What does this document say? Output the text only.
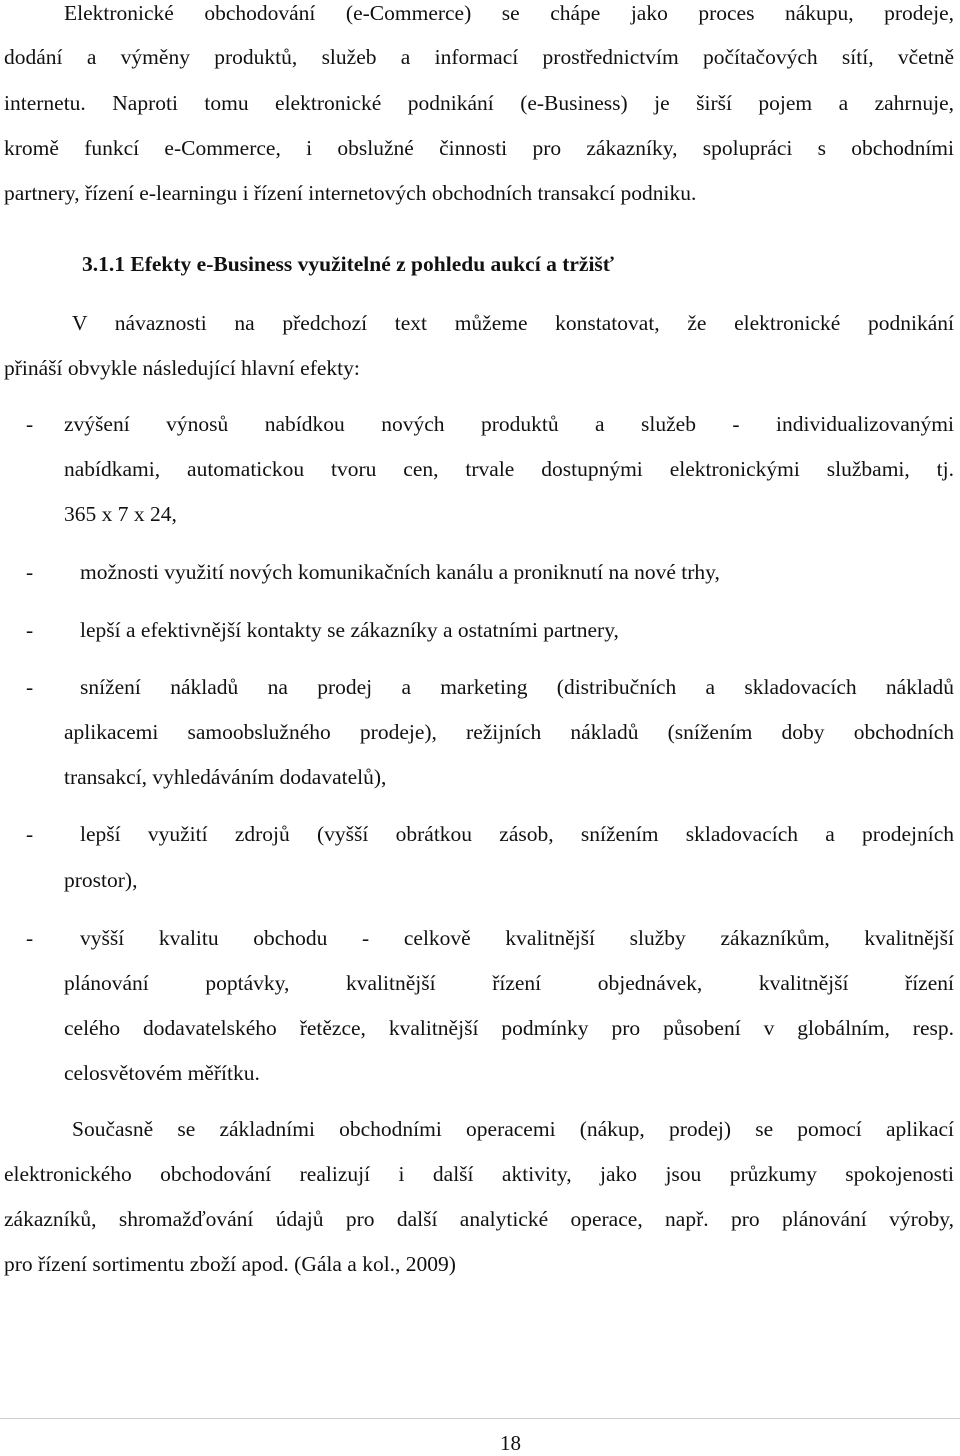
Elektronické obchodování (e-Commerce) se chápe jako proces nákupu, prodeje,
dodání a výměny produktů, služeb a informací prostřednictvím počítačových sítí, včetně
internetu. Naproti tomu elektronické podnikání (e-Business) je širší pojem a zahrnuje,
kromě funkcí e-Commerce, i obslužné činnosti pro zákazníky, spolupráci s obchodními
partnery, řízení e-learningu i řízení internetových obchodních transakcí podniku.
3.1.1 Efekty e-Business využitelné z pohledu aukcí a tržišť
V návaznosti na předchozí text můžeme konstatovat, že elektronické podnikání
přináší obvykle následující hlavní efekty:
- zvýšení výnosů nabídkou nových produktů a služeb - individualizovanými
nabídkami, automatickou tvoru cen, trvale dostupnými elektronickými službami, tj.
365 x 7 x 24,
- možnosti využití nových komunikačních kanálu a proniknutí na nové trhy,
- lepší a efektivnější kontakty se zákazníky a ostatními partnery,
- snížení nákladů na prodej a marketing (distribučních a skladovacích nákladů
aplikacemi samoobslužného prodeje), režijních nákladů (snížením doby obchodních
transakcí, vyhledáváním dodavatelů),
- lepší využití zdrojů (vyšší obrátkou zásob, snížením skladovacích a prodejních
prostor),
- vyšší kvalitu obchodu - celkově kvalitnější služby zákazníkům, kvalitnější
plánování poptávky, kvalitnější řízení objednávek, kvalitnější řízení
celého dodavatelského řetězce, kvalitnější podmínky pro působení v globálním, resp.
celosvětovém měřítku.
Současně se základními obchodními operacemi (nákup, prodej) se pomocí aplikací
elektronického obchodování realizují i další aktivity, jako jsou průzkumy spokojenosti
zákazníků, shromažďování údajů pro další analytické operace, např. pro plánování výroby,
pro řízení sortimentu zboží apod. (Gála a kol., 2009)
18
